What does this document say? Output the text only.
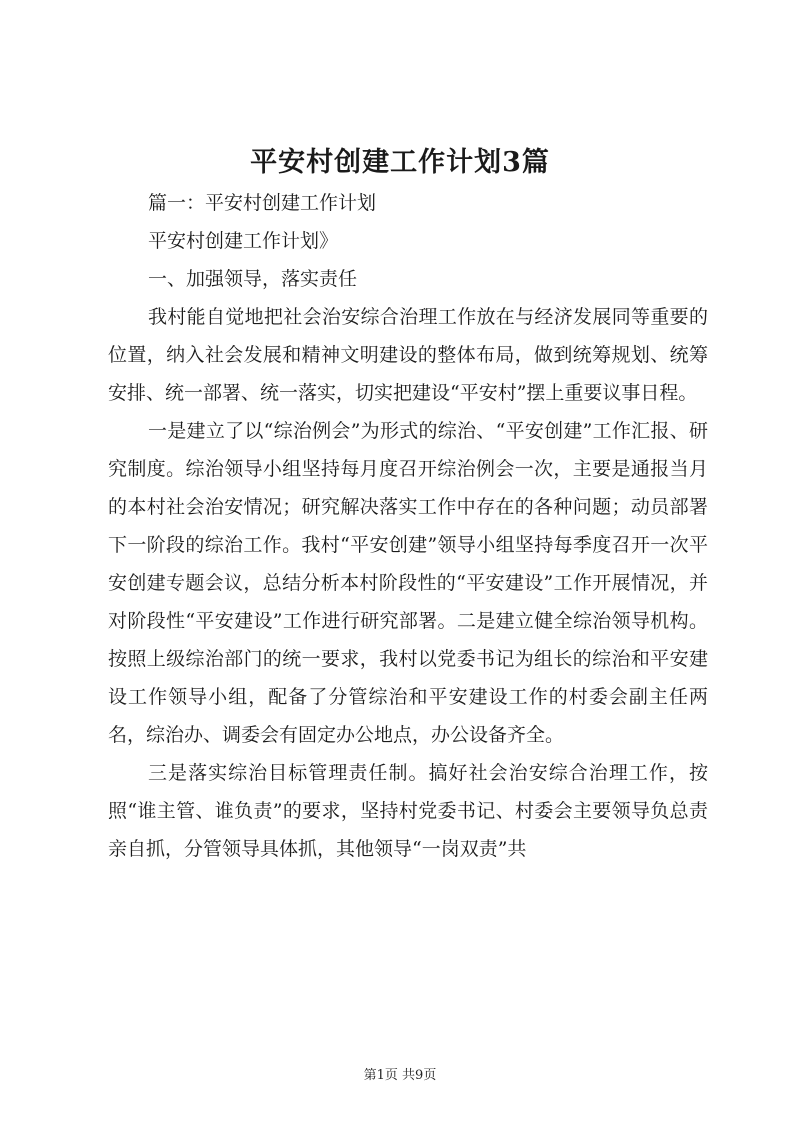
平安村创建工作计划3篇

篇一：平安村创建工作计划

平安村创建工作计划》

一、加强领导，落实责任

我村能自觉地把社会治安综合治理工作放在与经济发展同等重要的位置，纳入社会发展和精神文明建设的整体布局，做到统筹规划、统筹安排、统一部署、统一落实，切实把建设“平安村”摆上重要议事日程。

一是建立了以“综治例会”为形式的综治、“平安创建”工作汇报、研究制度。综治领导小组坚持每月度召开综治例会一次，主要是通报当月的本村社会治安情况；研究解决落实工作中存在的各种问题；动员部署下一阶段的综治工作。我村“平安创建”领导小组坚持每季度召开一次平安创建专题会议，总结分析本村阶段性的“平安建设”工作开展情况，并对阶段性“平安建设”工作进行研究部署。二是建立健全综治领导机构。按照上级综治部门的统一要求，我村以党委书记为组长的综治和平安建设工作领导小组，配备了分管综治和平安建设工作的村委会副主任两名，综治办、调委会有固定办公地点，办公设备齐全。

三是落实综治目标管理责任制。搞好社会治安综合治理工作，按照“谁主管、谁负责”的要求，坚持村党委书记、村委会主要领导负总责亲自抓，分管领导具体抓，其他领导“一岗双责”共

第1页 共9页
